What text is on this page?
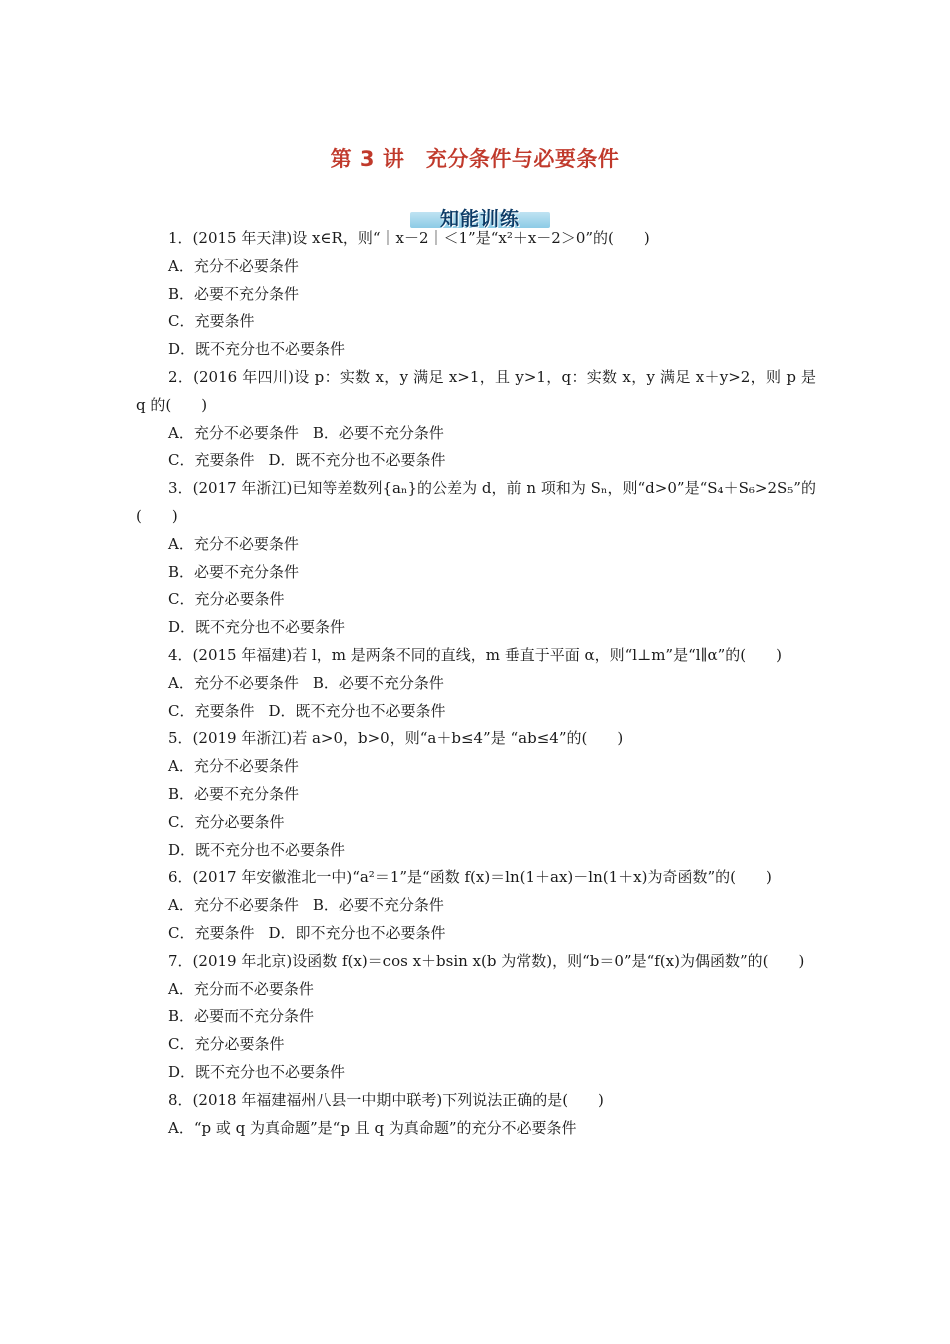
第 3 讲　充分条件与必要条件
知能训练

1．(2015 年天津)设 x∈R，则“｜x－2｜＜1”是“x²＋x－2＞0”的(　　)

A．充分不必要条件

B．必要不充分条件

C．充要条件

D．既不充分也不必要条件

2．(2016 年四川)设 p：实数 x，y 满足 x>1，且 y>1，q：实数 x，y 满足 x＋y>2，则 p 是 q 的(　　)

A．充分不必要条件 B．必要不充分条件

C．充要条件 D．既不充分也不必要条件

3．(2017 年浙江)已知等差数列{aₙ}的公差为 d，前 n 项和为 Sₙ，则“d>0”是“S₄＋S₆>2S₅”的(　　)

A．充分不必要条件

B．必要不充分条件

C．充分必要条件

D．既不充分也不必要条件

4．(2015 年福建)若 l，m 是两条不同的直线，m 垂直于平面 α，则“l⊥m”是“l∥α”的(　　)

A．充分不必要条件 B．必要不充分条件

C．充要条件 D．既不充分也不必要条件

5．(2019 年浙江)若 a>0，b>0，则“a＋b≤4”是 “ab≤4”的(　　)

A．充分不必要条件

B．必要不充分条件

C．充分必要条件

D．既不充分也不必要条件

6．(2017 年安徽淮北一中)“a²＝1”是“函数 f(x)＝ln(1＋ax)－ln(1＋x)为奇函数”的(　　)

A．充分不必要条件 B．必要不充分条件

C．充要条件 D．即不充分也不必要条件

7．(2019 年北京)设函数 f(x)＝cos x＋bsin x(b 为常数)，则“b＝0”是“f(x)为偶函数”的(　　)

A．充分而不必要条件

B．必要而不充分条件

C．充分必要条件

D．既不充分也不必要条件

8．(2018 年福建福州八县一中期中联考)下列说法正确的是(　　)

A．“p 或 q 为真命题”是“p 且 q 为真命题”的充分不必要条件
